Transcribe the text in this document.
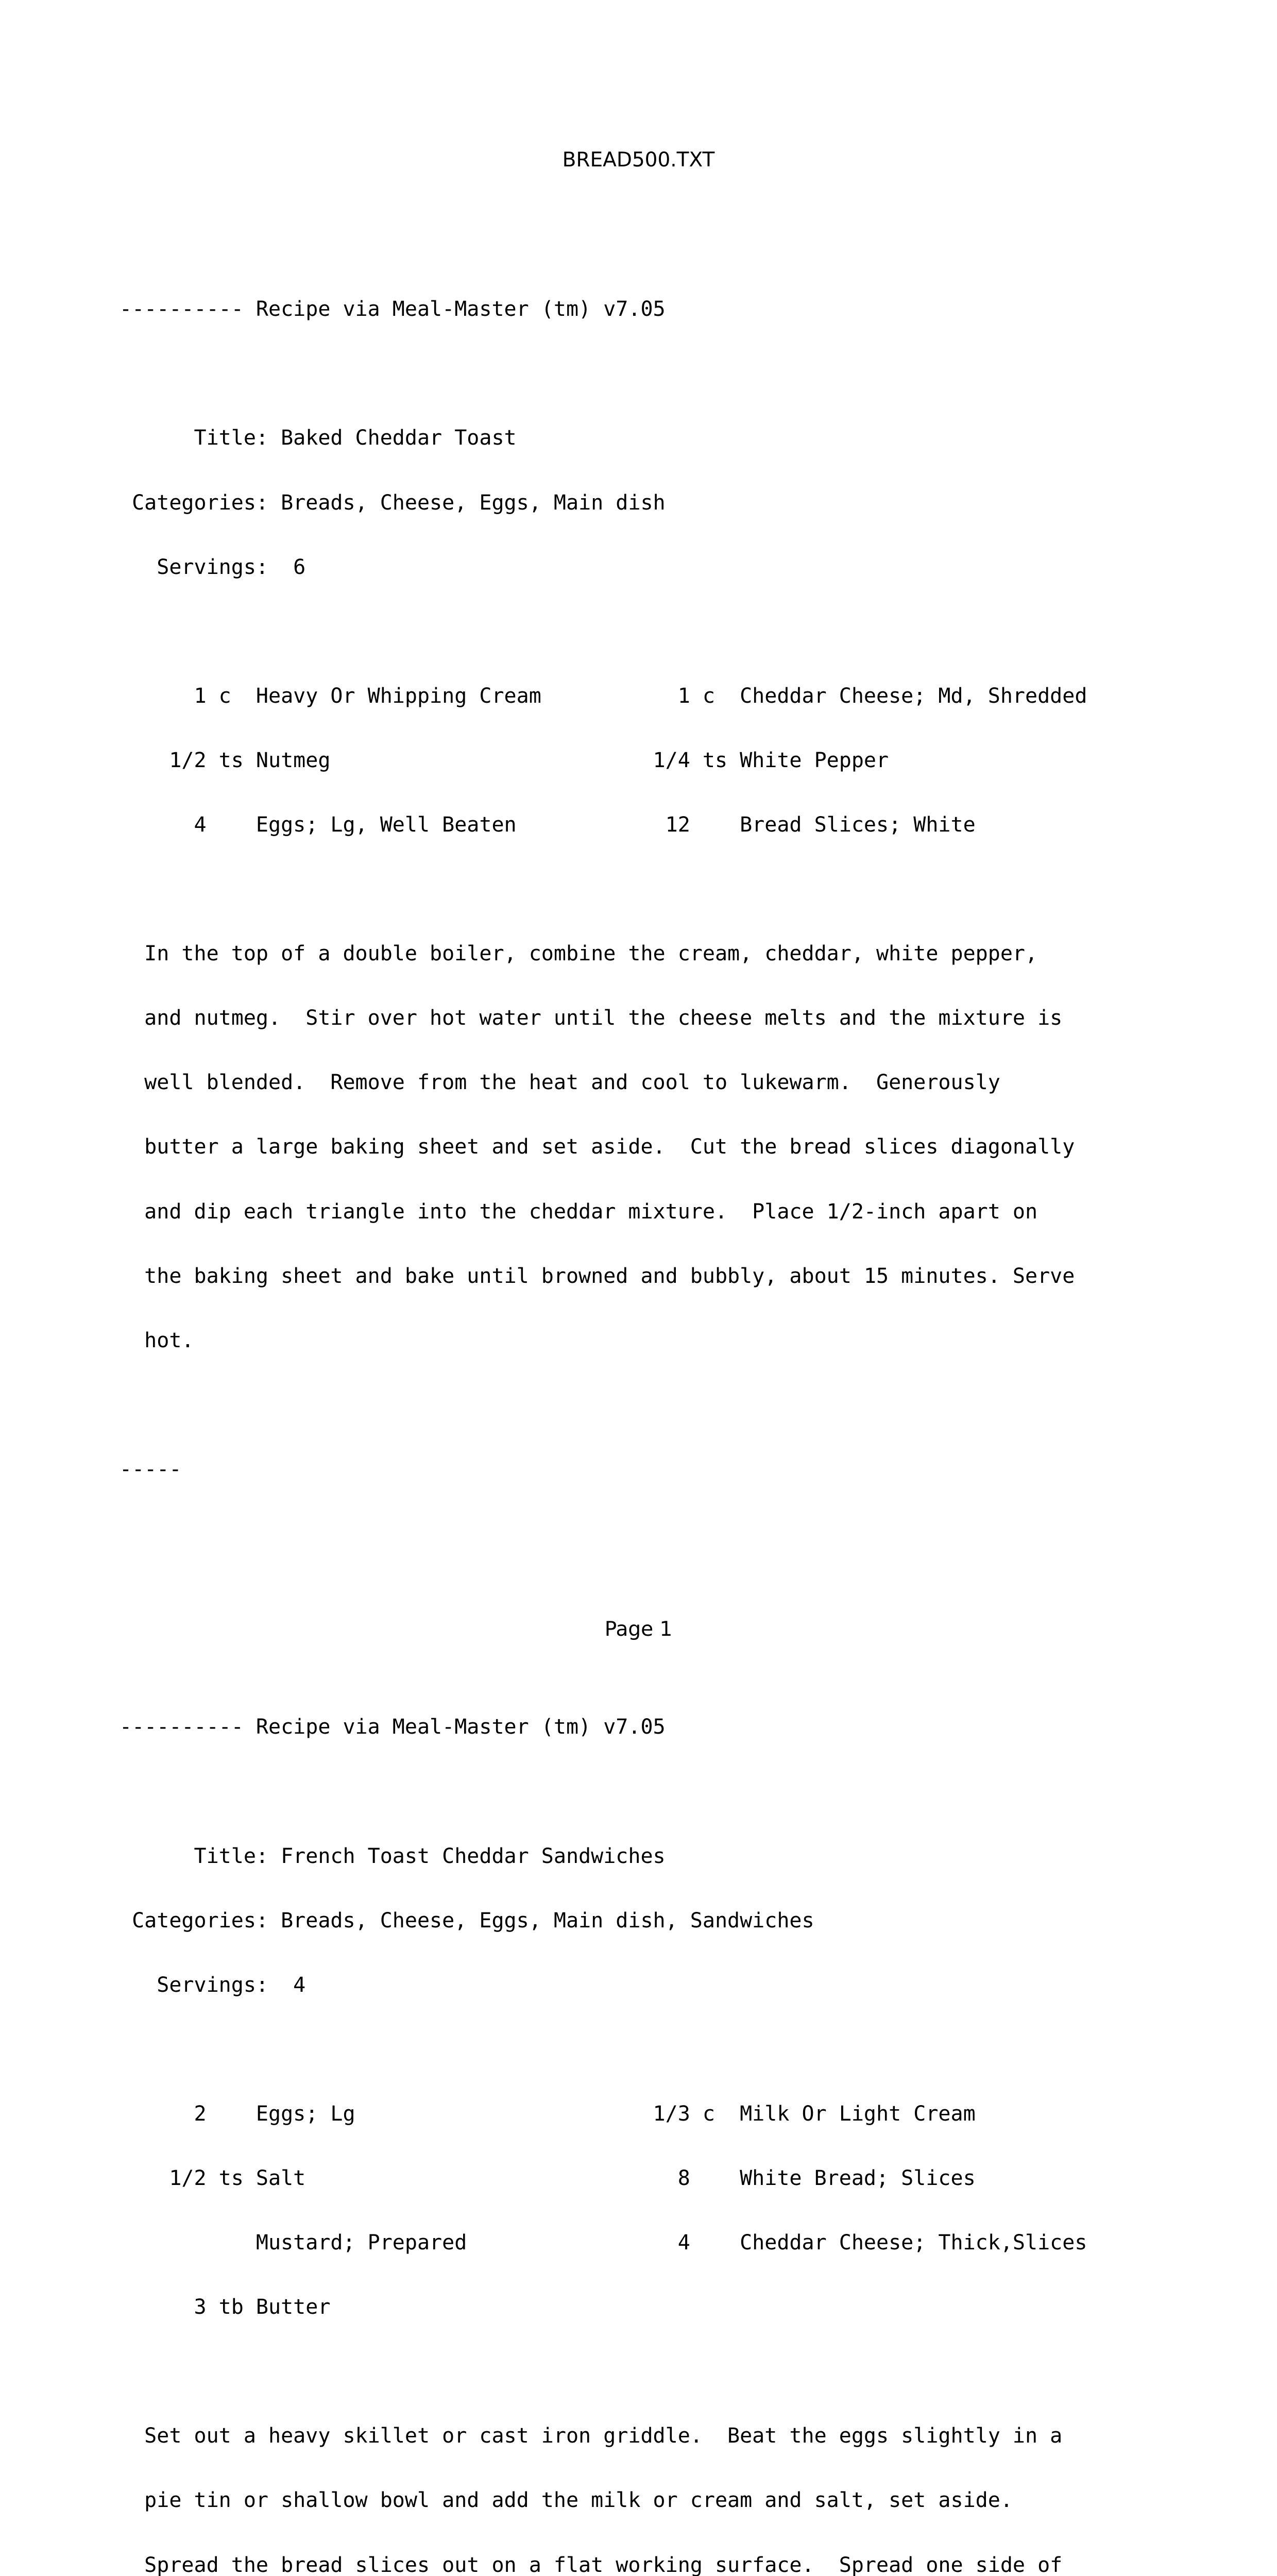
BREAD500.TXT

---------- Recipe via Meal-Master (tm) v7.05

Title: Baked Cheddar Toast

Categories: Breads, Cheese, Eggs, Main dish

Servings:  6

1 c  Heavy Or Whipping Cream           1 c  Cheddar Cheese; Md, Shredded

1/2 ts Nutmeg                          1/4 ts White Pepper

4    Eggs; Lg, Well Beaten            12    Bread Slices; White

In the top of a double boiler, combine the cream, cheddar, white pepper,

and nutmeg.  Stir over hot water until the cheese melts and the mixture is

well blended.  Remove from the heat and cool to lukewarm.  Generously

butter a large baking sheet and set aside.  Cut the bread slices diagonally

and dip each triangle into the cheddar mixture.  Place 1/2-inch apart on

the baking sheet and bake until browned and bubbly, about 15 minutes. Serve

hot.

-----

---------- Recipe via Meal-Master (tm) v7.05

Title: French Toast Cheddar Sandwiches

Categories: Breads, Cheese, Eggs, Main dish, Sandwiches

Servings:  4

2    Eggs; Lg                        1/3 c  Milk Or Light Cream

1/2 ts Salt                              8    White Bread; Slices

Mustard; Prepared                 4    Cheddar Cheese; Thick,Slices

3 tb Butter

Set out a heavy skillet or cast iron griddle.  Beat the eggs slightly in a

pie tin or shallow bowl and add the milk or cream and salt, set aside.

Spread the bread slices out on a flat working surface.  Spread one side of

Page 1
